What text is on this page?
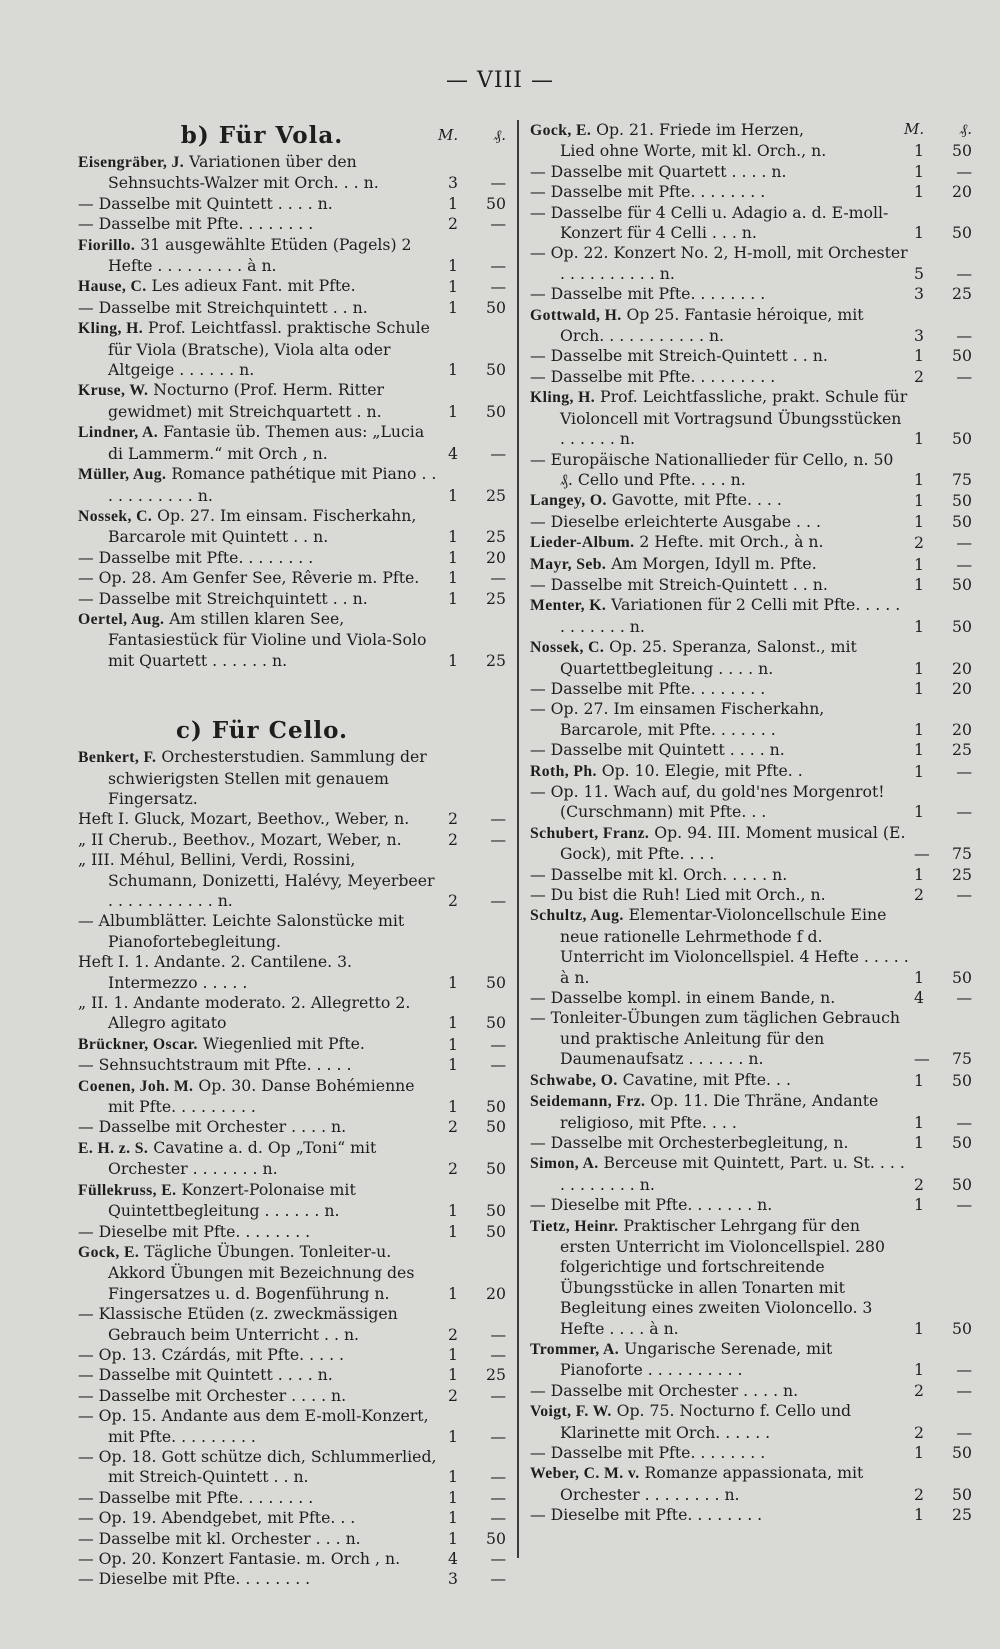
— VIII —
b) Für Vola.	M. ₰.
Eisengräber, J. Variationen über den Sehnsuchts-Walzer mit Orch. . . n.	3	—
— Dasselbe mit Quintett . . . . n.	1	50
— Dasselbe mit Pfte. . . . . . . .	2	—
Fiorillo. 31 ausgewählte Etüden (Pagels) 2 Hefte . . . . . . . . . à n.	1	—
Hause, C. Les adieux Fant. mit Pfte.	1	—
— Dasselbe mit Streichquintett . . n.	1	50
Kling, H. Prof. Leichtfassl. praktische Schule für Viola (Bratsche), Viola alta oder Altgeige . . . . . . n.	1	50
Kruse, W. Nocturno (Prof. Herm. Ritter gewidmet) mit Streichquartett . n.	1	50
Lindner, A. Fantasie üb. Themen aus: „Lucia di Lammerm.“ mit Orch , n.	4	—
Müller, Aug. Romance pathétique mit Piano . . . . . . . . . . . n.	1	25
Nossek, C. Op. 27. Im einsam. Fischerkahn, Barcarole mit Quintett . . n.	1	25
— Dasselbe mit Pfte. . . . . . . .	1	20
— Op. 28. Am Genfer See, Rêverie m. Pfte.	1	—
— Dasselbe mit Streichquintett . . n.	1	25
Oertel, Aug. Am stillen klaren See, Fantasiestück für Violine und Viola-Solo mit Quartett . . . . . . n.	1	25
c) Für Cello.
Benkert, F. Orchesterstudien. Sammlung der schwierigsten Stellen mit genauem Fingersatz.
Heft I. Gluck, Mozart, Beethov., Weber, n.	2	—
„ II Cherub., Beethov., Mozart, Weber, n.	2	—
„ III. Méhul, Bellini, Verdi, Rossini, Schumann, Donizetti, Halévy, Meyerbeer . . . . . . . . . . . n.	2	—
— Albumblätter. Leichte Salonstücke mit Pianofortebegleitung.
Heft I. 1. Andante. 2. Cantilene. 3. Intermezzo . . . . .	1	50
„ II. 1. Andante moderato. 2. Allegretto 2. Allegro agitato	1	50
Brückner, Oscar. Wiegenlied mit Pfte.	1	—
— Sehnsuchtstraum mit Pfte. . . . .	1	—
Coenen, Joh. M. Op. 30. Danse Bohémienne mit Pfte. . . . . . . . .	1	50
— Dasselbe mit Orchester . . . . n.	2	50
E. H. z. S. Cavatine a. d. Op „Toni“ mit Orchester . . . . . . . n.	2	50
Füllekruss, E. Konzert-Polonaise mit Quintettbegleitung . . . . . . n.	1	50
— Dieselbe mit Pfte. . . . . . . .	1	50
Gock, E. Tägliche Übungen. Tonleiter-u. Akkord Übungen mit Bezeichnung des Fingersatzes u. d. Bogenführung n.	1	20
— Klassische Etüden (z. zweckmässigen Gebrauch beim Unterricht . . n.	2	—
— Op. 13. Czárdás, mit Pfte. . . . .	1	—
— Dasselbe mit Quintett . . . . n.	1	25
— Dasselbe mit Orchester . . . . n.	2	—
— Op. 15. Andante aus dem E-moll-Konzert, mit Pfte. . . . . . . . .	1	—
— Op. 18. Gott schütze dich, Schlummerlied, mit Streich-Quintett . . n.	1	—
— Dasselbe mit Pfte. . . . . . . .	1	—
— Op. 19. Abendgebet, mit Pfte. . .	1	—
— Dasselbe mit kl. Orchester . . . n.	1	50
— Op. 20. Konzert Fantasie. m. Orch , n.	4	—
— Dieselbe mit Pfte. . . . . . . .	3	—
M. ₰.
Gock, E. Op. 21. Friede im Herzen, Lied ohne Worte, mit kl. Orch., n.	1	50
— Dasselbe mit Quartett . . . . n.	1	—
— Dasselbe mit Pfte. . . . . . . .	1	20
— Dasselbe für 4 Celli u. Adagio a. d. E-moll-Konzert für 4 Celli . . . n.	1	50
— Op. 22. Konzert No. 2, H-moll, mit Orchester . . . . . . . . . . n.	5	—
— Dasselbe mit Pfte. . . . . . . .	3	25
Gottwald, H. Op 25. Fantasie héroique, mit Orch. . . . . . . . . . . n.	3	—
— Dasselbe mit Streich-Quintett . . n.	1	50
— Dasselbe mit Pfte. . . . . . . . .	2	—
Kling, H. Prof. Leichtfassliche, prakt. Schule für Violoncell mit Vortragsund Übungsstücken . . . . . . n.	1	50
— Europäische Nationallieder für Cello, n. 50 ₰. Cello und Pfte. . . . n.	1	75
Langey, O. Gavotte, mit Pfte. . . .	1	50
— Dieselbe erleichterte Ausgabe . . .	1	50
Lieder-Album. 2 Hefte. mit Orch., à n.	2	—
Mayr, Seb. Am Morgen, Idyll m. Pfte.	1	—
— Dasselbe mit Streich-Quintett . . n.	1	50
Menter, K. Variationen für 2 Celli mit Pfte. . . . . . . . . . . . n.	1	50
Nossek, C. Op. 25. Speranza, Salonst., mit Quartettbegleitung . . . . n.	1	20
— Dasselbe mit Pfte. . . . . . . .	1	20
— Op. 27. Im einsamen Fischerkahn, Barcarole, mit Pfte. . . . . . .	1	20
— Dasselbe mit Quintett . . . . n.	1	25
Roth, Ph. Op. 10. Elegie, mit Pfte. .	1	—
— Op. 11. Wach auf, du gold'nes Morgenrot! (Curschmann) mit Pfte. . .	1	—
Schubert, Franz. Op. 94. III. Moment musical (E. Gock), mit Pfte. . . .	—	75
— Dasselbe mit kl. Orch. . . . . n.	1	25
— Du bist die Ruh! Lied mit Orch., n.	2	—
Schultz, Aug. Elementar-Violoncellschule Eine neue rationelle Lehrmethode f d. Unterricht im Violoncellspiel. 4 Hefte . . . . . à n.	1	50
— Dasselbe kompl. in einem Bande, n.	4	—
— Tonleiter-Übungen zum täglichen Gebrauch und praktische Anleitung für den Daumenaufsatz . . . . . . n.	—	75
Schwabe, O. Cavatine, mit Pfte. . .	1	50
Seidemann, Frz. Op. 11. Die Thräne, Andante religioso, mit Pfte. . . .	1	—
— Dasselbe mit Orchesterbegleitung, n.	1	50
Simon, A. Berceuse mit Quintett, Part. u. St. . . . . . . . . . . . n.	2	50
— Dieselbe mit Pfte. . . . . . . n.	1	—
Tietz, Heinr. Praktischer Lehrgang für den ersten Unterricht im Violoncellspiel. 280 folgerichtige und fortschreitende Übungsstücke in allen Tonarten mit Begleitung eines zweiten Violoncello. 3 Hefte . . . . à n.	1	50
Trommer, A. Ungarische Serenade, mit Pianoforte . . . . . . . . . .	1	—
— Dasselbe mit Orchester . . . . n.	2	—
Voigt, F. W. Op. 75. Nocturno f. Cello und Klarinette mit Orch. . . . . .	2	—
— Dasselbe mit Pfte. . . . . . . .	1	50
Weber, C. M. v. Romanze appassionata, mit Orchester . . . . . . . . n.	2	50
— Dieselbe mit Pfte. . . . . . . .	1	25
